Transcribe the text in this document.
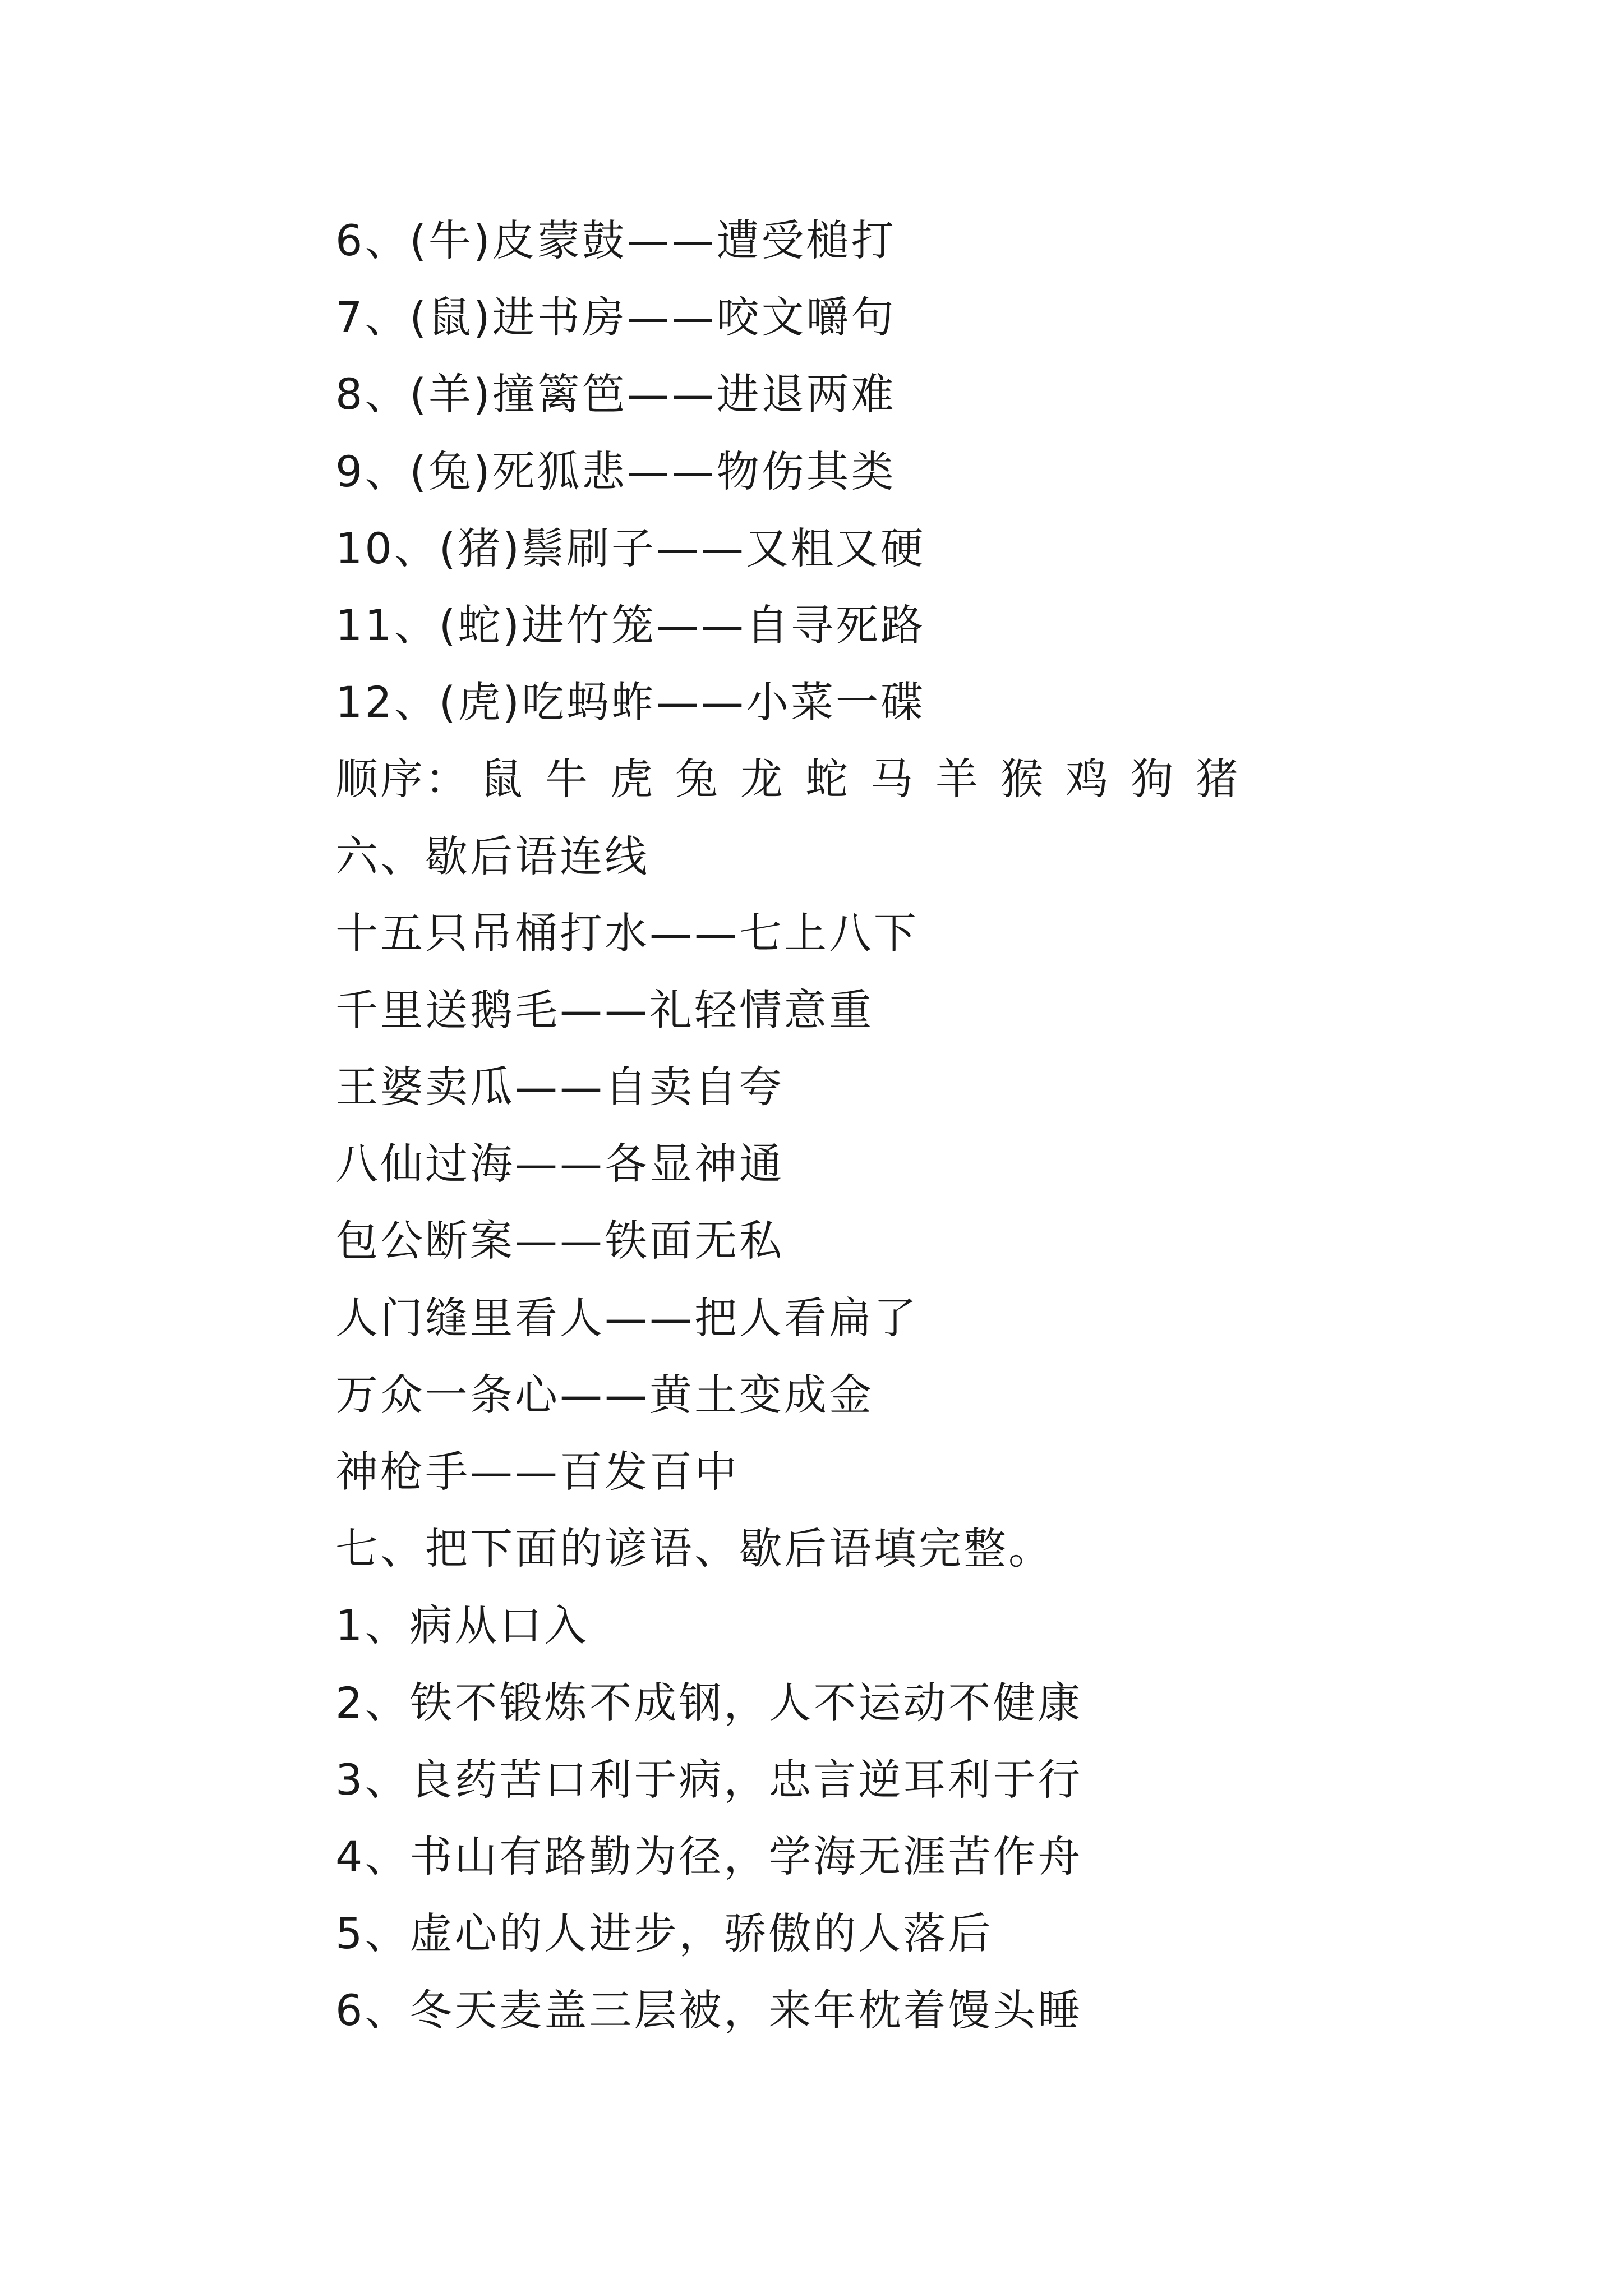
6、(牛)皮蒙鼓——遭受槌打
7、(鼠)进书房——咬文嚼句
8、(羊)撞篱笆——进退两难
9、(兔)死狐悲——物伤其类
10、(猪)鬃刷子——又粗又硬
11、(蛇)进竹笼——自寻死路
12、(虎)吃蚂蚱——小菜一碟
顺序： 鼠 牛 虎 兔 龙 蛇 马 羊 猴 鸡 狗 猪
六、歇后语连线
十五只吊桶打水——七上八下
千里送鹅毛——礼轻情意重
王婆卖瓜——自卖自夸
八仙过海——各显神通
包公断案——铁面无私
人门缝里看人——把人看扁了
万众一条心——黄土变成金
神枪手——百发百中
七、把下面的谚语、歇后语填完整。
1、病从口入
2、铁不锻炼不成钢，人不运动不健康
3、良药苦口利于病，忠言逆耳利于行
4、书山有路勤为径，学海无涯苦作舟
5、虚心的人进步，骄傲的人落后
6、冬天麦盖三层被，来年枕着馒头睡
